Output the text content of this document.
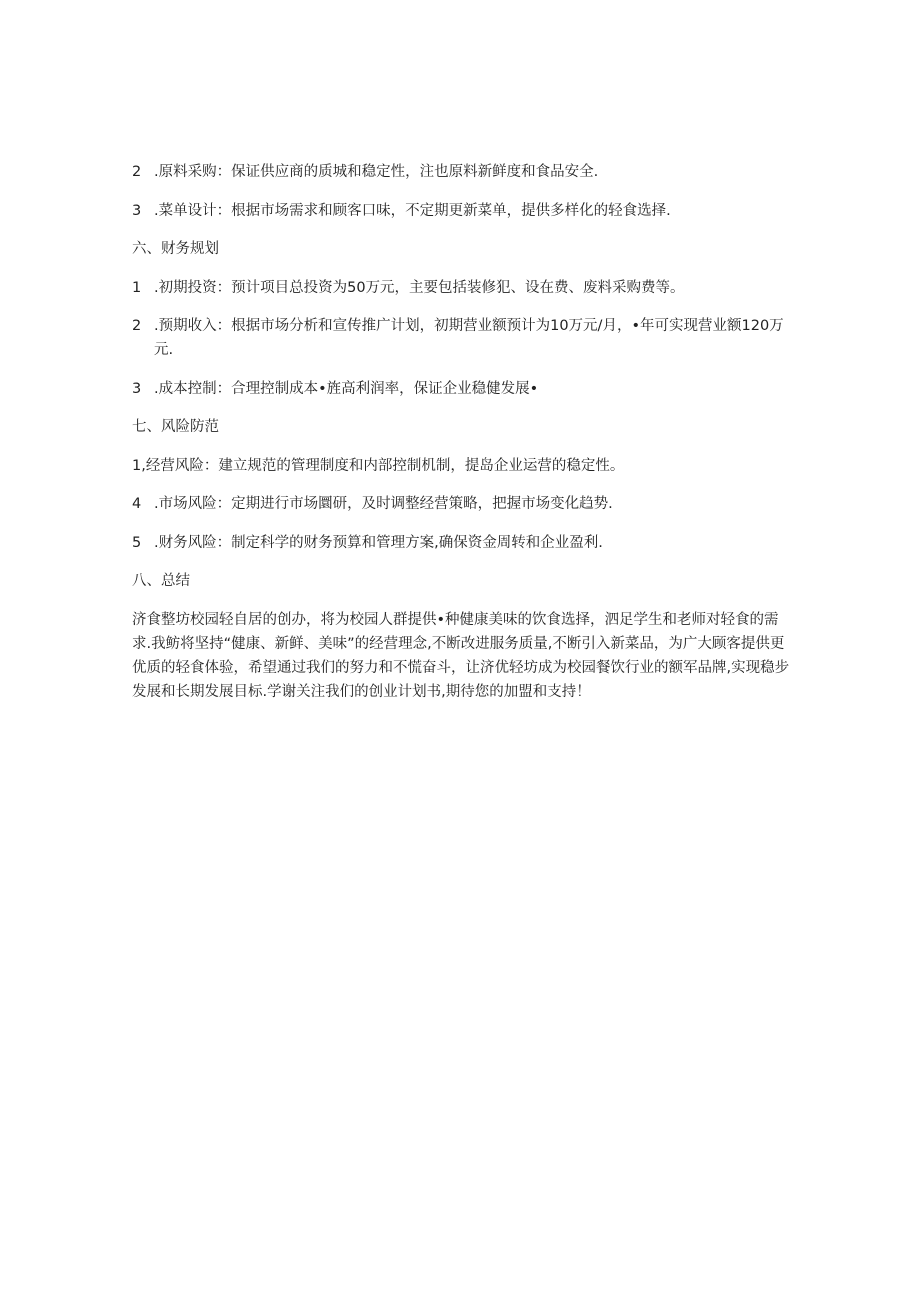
2 .原料采购：保证供应商的质城和稳定性，注也原料新鲜度和食品安全.
3 .菜单设计：根据市场需求和顾客口味，不定期更新菜单，提供多样化的轻食选择.
六、财务规划
1 .初期投资：预计项目总投资为50万元，主要包括装修犯、设在费、废料采购费等。
2 .预期收入：根据市场分析和宣传推广计划，初期营业额预计为10万元/月，•年可实现营业额120万元.
3 .成本控制：合理控制成本•旌高利润率，保证企业稳健发展•
七、风险防范
1,经营风险：建立规范的管理制度和内部控制机制，提岛企业运营的稳定性。
4 .市场风险：定期进行市场圜研，及时调整经营策略，把握市场变化趋势.
5 .财务风险：制定科学的财务预算和管理方案,确保资金周转和企业盈利.
八、总结
济食整坊校园轻自居的创办，将为校园人群提供•种健康美味的饮食选择，泗足学生和老师对轻食的需求.我鲂将坚持“健康、新鲜、美味”的经营理念,不断改进服务质量,不断引入新菜品，为广大顾客提供更优质的轻食体验，希望通过我们的努力和不慌奋斗，让济优轻坊成为校园餐饮行业的额军品牌,实现稳步发展和长期发展目标.学谢关注我们的创业计划书,期待您的加盟和支持！
